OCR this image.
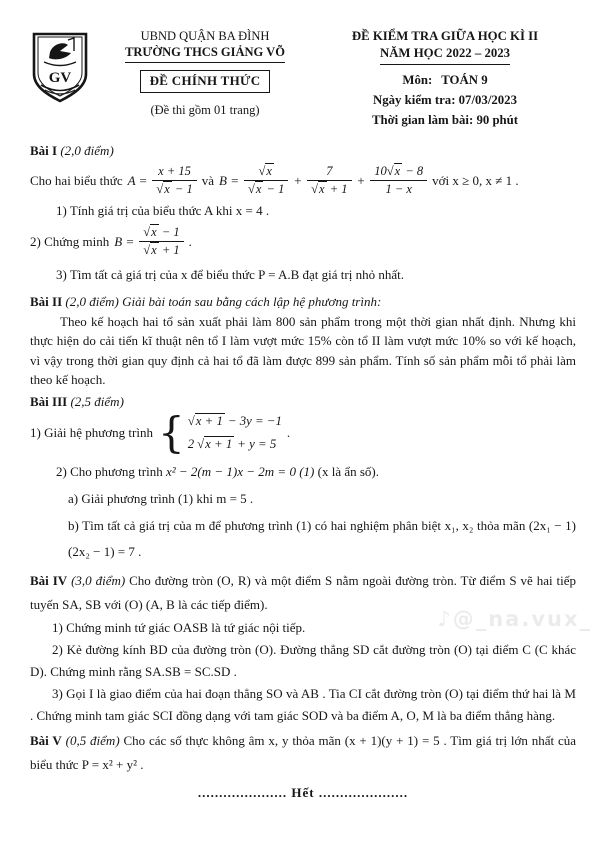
GV
UBND QUẬN BA ĐÌNH
TRƯỜNG THCS GIẢNG VÕ
ĐỀ CHÍNH THỨC
(Đề thi gồm 01 trang)
ĐỀ KIỂM TRA GIỮA HỌC KÌ II
NĂM HỌC 2022 – 2023
Môn: TOÁN 9
Ngày kiểm tra: 07/03/2023
Thời gian làm bài: 90 phút
Bài I (2,0 điểm)
Cho hai biểu thức $A = \frac{x + 15}{√x - 1}$ và $B = \frac{√x}{√x - 1} + \frac{7}{√x + 1} + \frac{10√x - 8}{1 - x}$ với x ≥ 0, x ≠ 1 .
1) Tính giá trị của biểu thức A khi x = 4 .
2) Chứng minh $B = \frac{√x - 1}{√x + 1}$ .
3) Tìm tất cả giá trị của x để biểu thức P = A.B đạt giá trị nhỏ nhất.
Bài II (2,0 điểm) Giải bài toán sau bằng cách lập hệ phương trình:

Theo kế hoạch hai tổ sản xuất phải làm 800 sản phẩm trong một thời gian nhất định. Nhưng khi thực hiện do cải tiến kĩ thuật nên tổ I làm vượt mức 15% còn tổ II làm vượt mức 10% so với kế hoạch, vì vậy trong thời gian quy định cả hai tổ đã làm được 899 sản phẩm. Tính số sản phẩm mỗi tổ phải làm theo kế hoạch.

Bài III (2,5 điểm)
1) Giải hệ phương trình { √x + 1 − 3y = −1
2 √x + 1 + y = 5
.
2) Cho phương trình x² − 2(m − 1)x − 2m = 0 (1) (x là ẩn số).
a) Giải phương trình (1) khi m = 5 .

b) Tìm tất cả giá trị của m để phương trình (1) có hai nghiệm phân biệt x₁, x₂ thỏa mãn (2x₁ − 1)(2x₂ − 1) = 7 .

Bài IV (3,0 điểm) Cho đường tròn (O, R) và một điểm S nằm ngoài đường tròn. Từ điểm S vẽ hai tiếp tuyến SA, SB với (O) (A, B là các tiếp điểm).

1) Chứng minh tứ giác OASB là tứ giác nội tiếp.

2) Kẻ đường kính BD của đường tròn (O). Đường thẳng SD cắt đường tròn (O) tại điểm C (C khác D). Chứng minh rằng SA.SB = SC.SD .

3) Gọi I là giao điểm của hai đoạn thẳng SO và AB . Tia CI cắt đường tròn (O) tại điểm thứ hai là M . Chứng minh tam giác SCI đồng dạng với tam giác SOD và ba điểm A, O, M là ba điểm thẳng hàng.

Bài V (0,5 điểm) Cho các số thực không âm x, y thỏa mãn (x + 1)(y + 1) = 5 . Tìm giá trị lớn nhất của biểu thức P = x² + y² .

..................... Hết .....................
♪@_na.vux_
